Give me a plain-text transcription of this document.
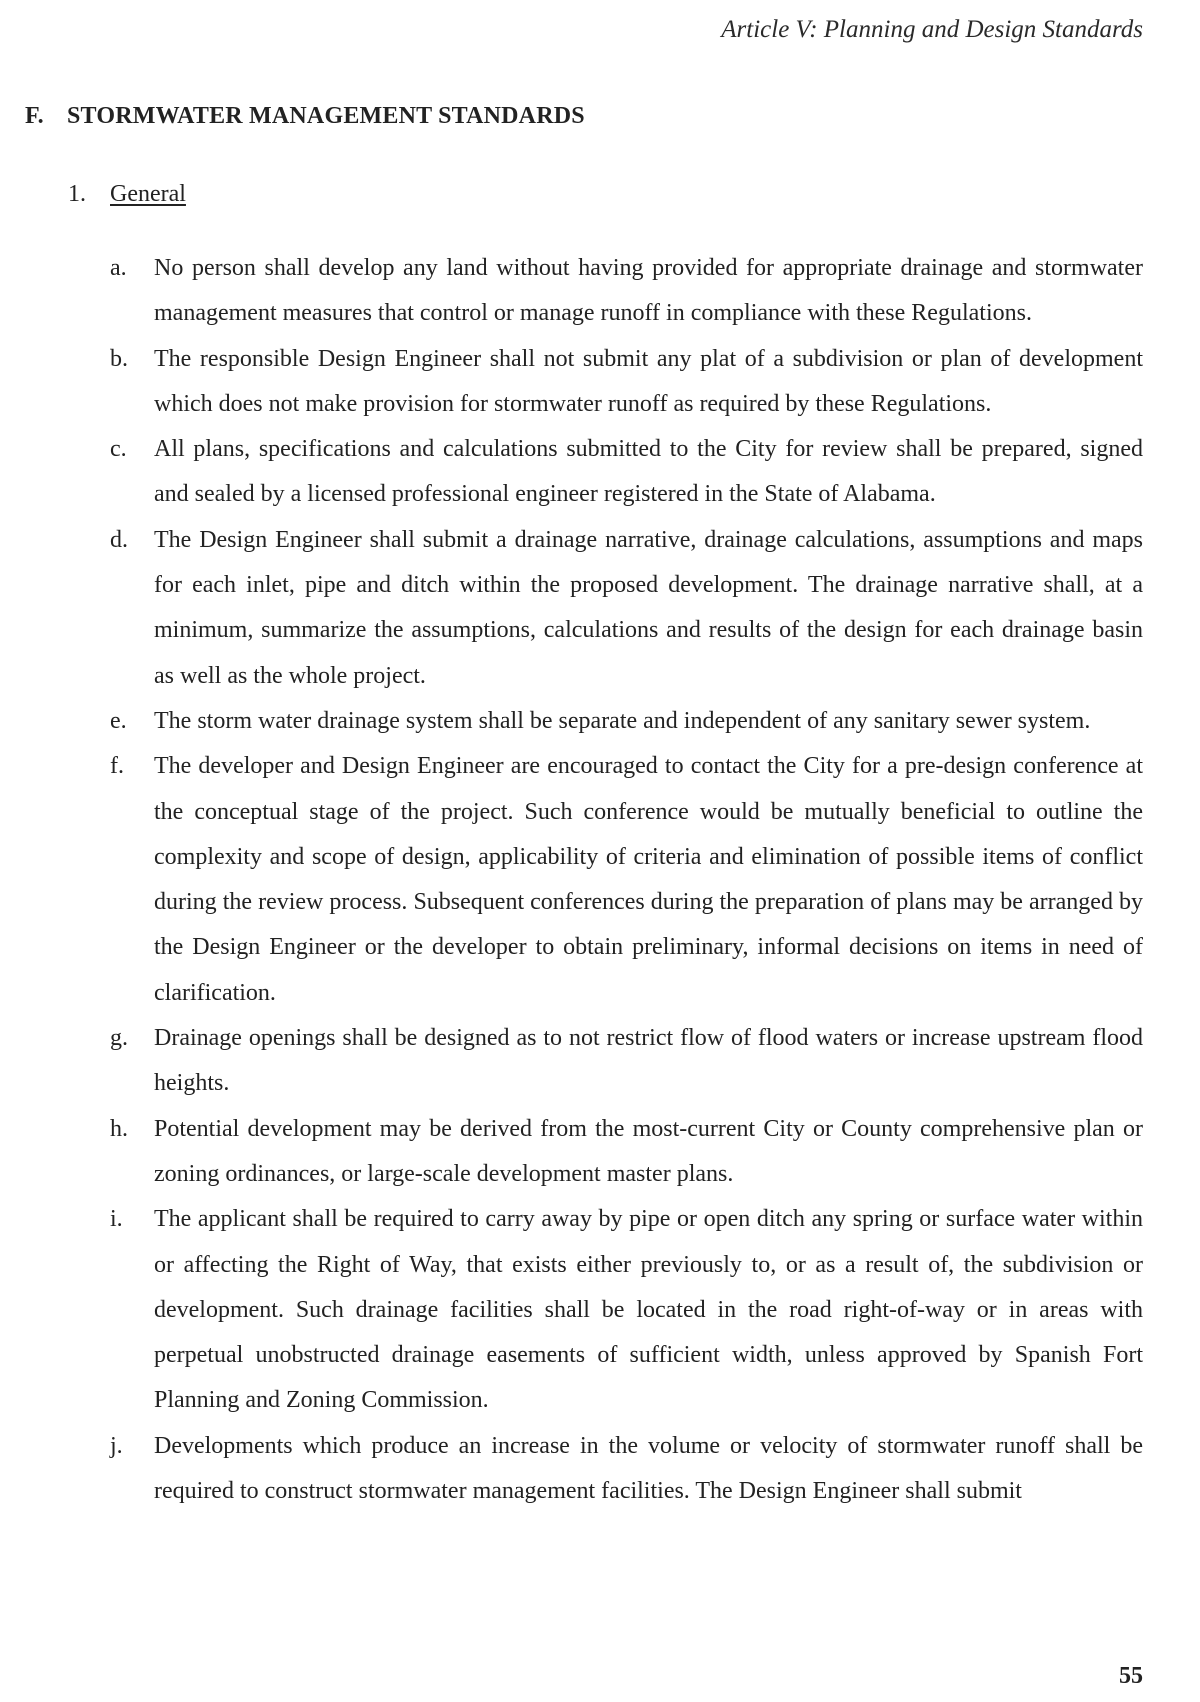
Article V: Planning and Design Standards
F. STORMWATER MANAGEMENT STANDARDS
1. General
a.	No person shall develop any land without having provided for appropriate drainage and stormwater management measures that control or manage runoff in compliance with these Regulations.
b.	The responsible Design Engineer shall not submit any plat of a subdivision or plan of development which does not make provision for stormwater runoff as required by these Regulations.
c.	All plans, specifications and calculations submitted to the City for review shall be prepared, signed and sealed by a licensed professional engineer registered in the State of Alabama.
d.	The Design Engineer shall submit a drainage narrative, drainage calculations, assumptions and maps for each inlet, pipe and ditch within the proposed development. The drainage narrative shall, at a minimum, summarize the assumptions, calculations and results of the design for each drainage basin as well as the whole project.
e.	The storm water drainage system shall be separate and independent of any sanitary sewer system.
f.	The developer and Design Engineer are encouraged to contact the City for a pre-design conference at the conceptual stage of the project. Such conference would be mutually beneficial to outline the complexity and scope of design, applicability of criteria and elimination of possible items of conflict during the review process. Subsequent conferences during the preparation of plans may be arranged by the Design Engineer or the developer to obtain preliminary, informal decisions on items in need of clarification.
g.	Drainage openings shall be designed as to not restrict flow of flood waters or increase upstream flood heights.
h.	Potential development may be derived from the most-current City or County comprehensive plan or zoning ordinances, or large-scale development master plans.
i.	The applicant shall be required to carry away by pipe or open ditch any spring or surface water within or affecting the Right of Way, that exists either previously to, or as a result of, the subdivision or development. Such drainage facilities shall be located in the road right-of-way or in areas with perpetual unobstructed drainage easements of sufficient width, unless approved by Spanish Fort Planning and Zoning Commission.
j.	Developments which produce an increase in the volume or velocity of stormwater runoff shall be required to construct stormwater management facilities. The Design Engineer shall submit
55
